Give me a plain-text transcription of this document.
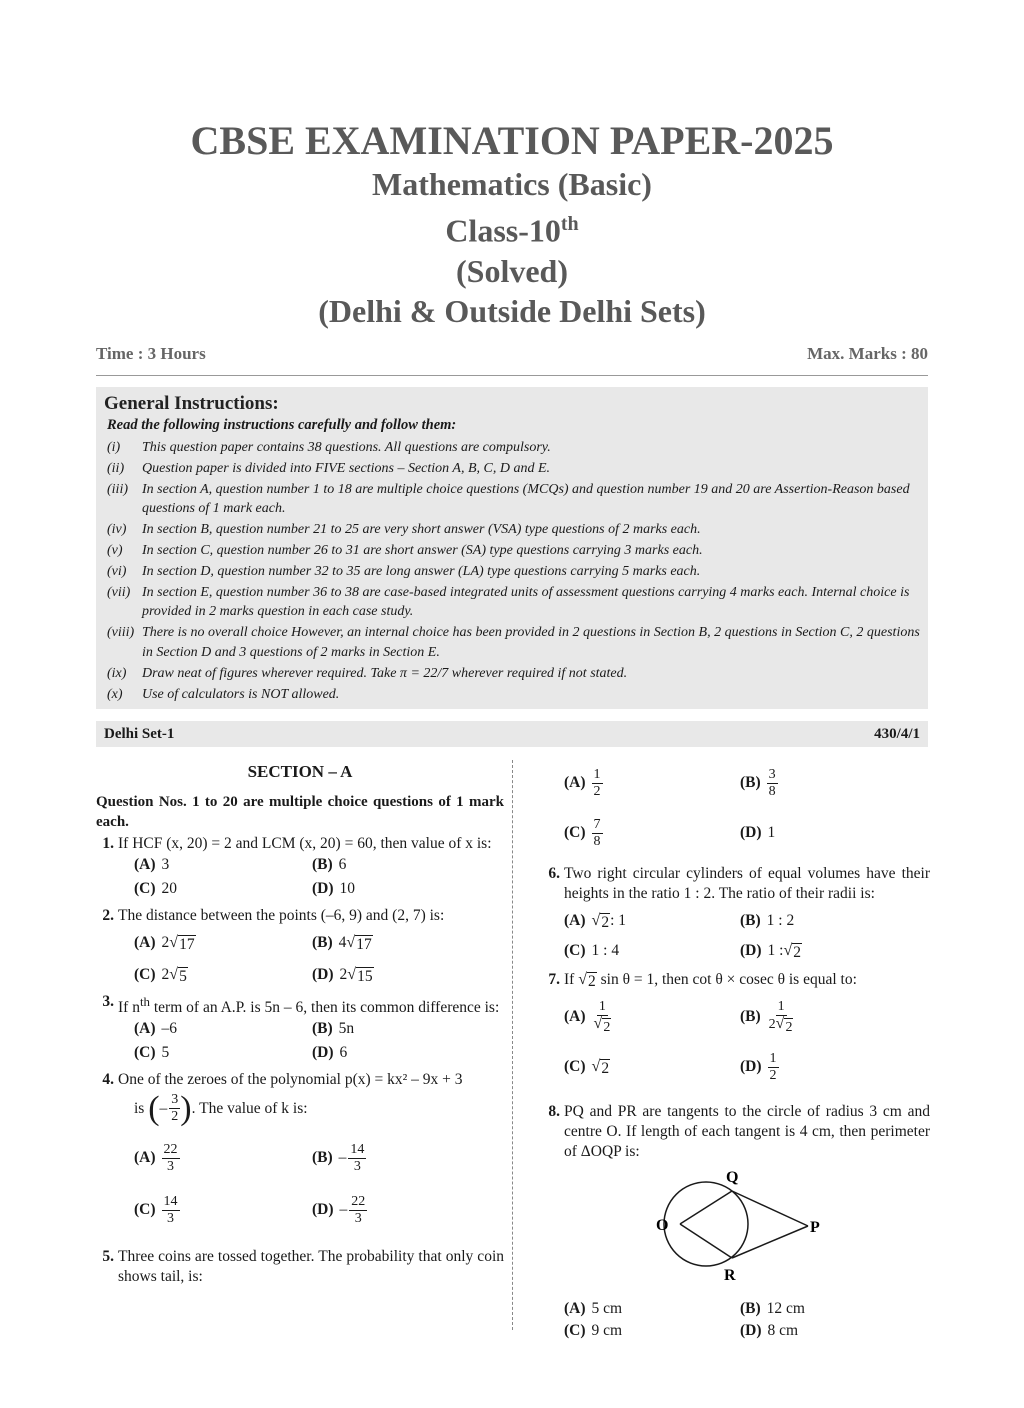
CBSE EXAMINATION PAPER-2025
Mathematics (Basic)
Class-10th
(Solved)
(Delhi & Outside Delhi Sets)
Time : 3 Hours	Max. Marks : 80
General Instructions:
Read the following instructions carefully and follow them:
(i)	This question paper contains 38 questions. All questions are compulsory.
(ii)	Question paper is divided into FIVE sections – Section A, B, C, D and E.
(iii)	In section A, question number 1 to 18 are multiple choice questions (MCQs) and question number 19 and 20 are Assertion-Reason based questions of 1 mark each.
(iv)	In section B, question number 21 to 25 are very short answer (VSA) type questions of 2 marks each.
(v)	In section C, question number 26 to 31 are short answer (SA) type questions carrying 3 marks each.
(vi)	In section D, question number 32 to 35 are long answer (LA) type questions carrying 5 marks each.
(vii) In section E, question number 36 to 38 are case-based integrated units of assessment questions carrying 4 marks each. Internal choice is provided in 2 marks question in each case study.
(viii) There is no overall choice However, an internal choice has been provided in 2 questions in Section B, 2 questions in Section C, 2 questions in Section D and 3 questions of 2 marks in Section E.
(ix)	Draw neat of figures wherever required. Take π = 22/7 wherever required if not stated.
(x)	Use of calculators is NOT allowed.
Delhi Set-1	430/4/1
SECTION – A
Question Nos. 1 to 20 are multiple choice questions of 1 mark each.
1. If HCF (x, 20) = 2 and LCM (x, 20) = 60, then value of x is:
(A) 3	(B) 6
(C) 20	(D) 10
2. The distance between the points (–6, 9) and (2, 7) is:
(A) 2 √ 17	(B) 4 √ 17
(C) 2 √ 5	(D) 2 √ 15
3. If $n^{th}$ term of an A.P. is 5n – 6, then its common difference is:
(A) –6	(B) 5n
(C) 5	(D) 6
4. One of the zeroes of the polynomial p(x) = kx² – 9x + 3
is
( – $\frac{3}{2}$ ) . The value of k is:
$(A) \frac{22}{3}$	$(B) - \frac{14}{3}$
$(C) \frac{14}{3}$	$(D) - \frac{22}{3}$
5. Three coins are tossed together. The probability that only coin shows tail, is:
$(A) \frac{1}{2}$	$(B) \frac{3}{8}$
$(C) \frac{7}{8}$	(D) 1
6. Two right circular cylinders of equal volumes have their heights in the ratio 1 : 2. The ratio of their radii is:
(A) √ 2 : 1	(B) 1 : 2
(C) 1 : 4	(D) 1 : √ 2
7. If √ 2 sin θ = 1, then cot θ × cosec θ is equal to:
$(A) \frac{1}{√ 2}$	$(B) \frac{1}{2 √ 2}$
(C) √ 2	$(D) \frac{1}{2}$
8. PQ and PR are tangents to the circle of radius 3 cm and centre O. If length of each tangent is 4 cm, then perimeter of ΔOQP is:
O	P
Q
R
(A) 5 cm	(B) 12 cm
(C) 9 cm	(D) 8 cm
